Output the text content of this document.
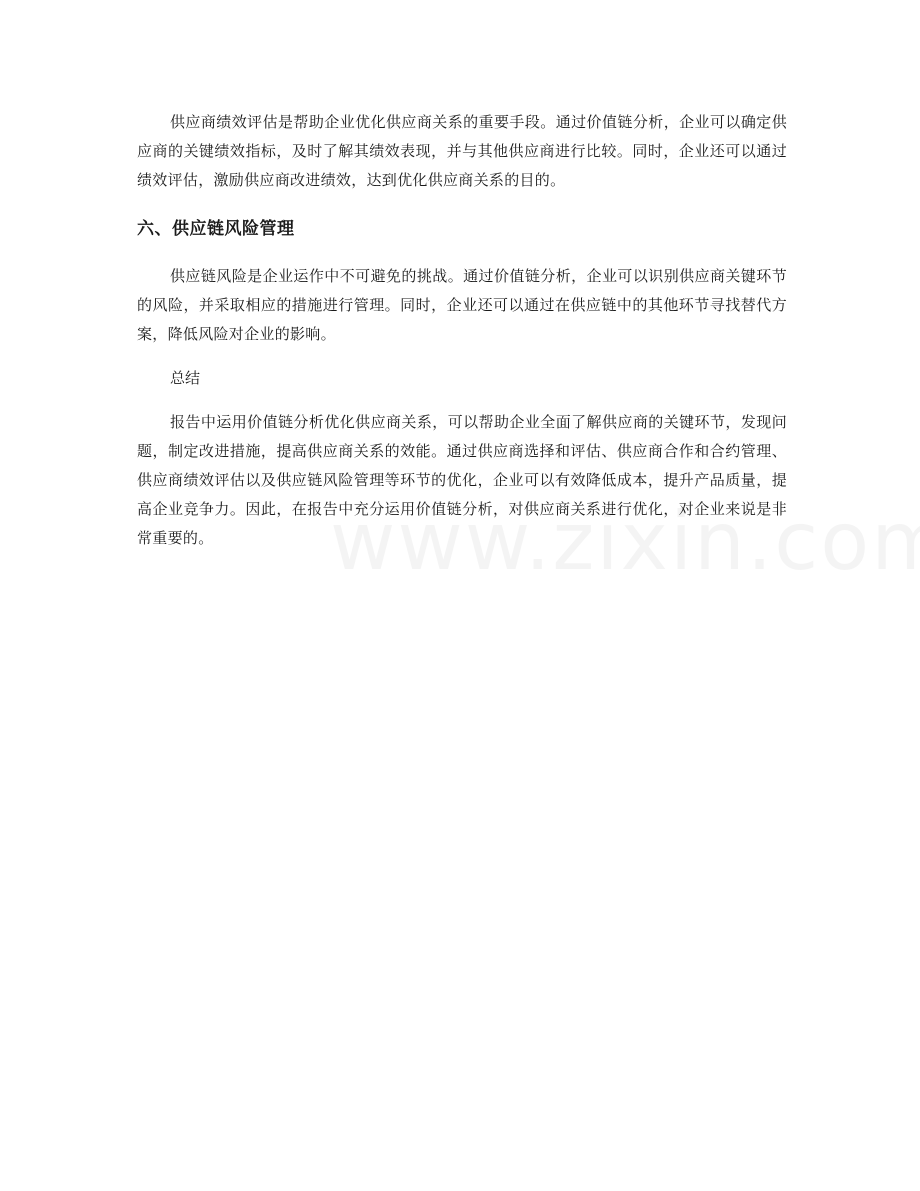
供应商绩效评估是帮助企业优化供应商关系的重要手段。通过价值链分析，企业可以确定供应商的关键绩效指标，及时了解其绩效表现，并与其他供应商进行比较。同时，企业还可以通过绩效评估，激励供应商改进绩效，达到优化供应商关系的目的。

六、供应链风险管理

供应链风险是企业运作中不可避免的挑战。通过价值链分析，企业可以识别供应商关键环节的风险，并采取相应的措施进行管理。同时，企业还可以通过在供应链中的其他环节寻找替代方案，降低风险对企业的影响。

总结

报告中运用价值链分析优化供应商关系，可以帮助企业全面了解供应商的关键环节，发现问题，制定改进措施，提高供应商关系的效能。通过供应商选择和评估、供应商合作和合约管理、供应商绩效评估以及供应链风险管理等环节的优化，企业可以有效降低成本，提升产品质量，提高企业竞争力。因此，在报告中充分运用价值链分析，对供应商关系进行优化，对企业来说是非常重要的。
